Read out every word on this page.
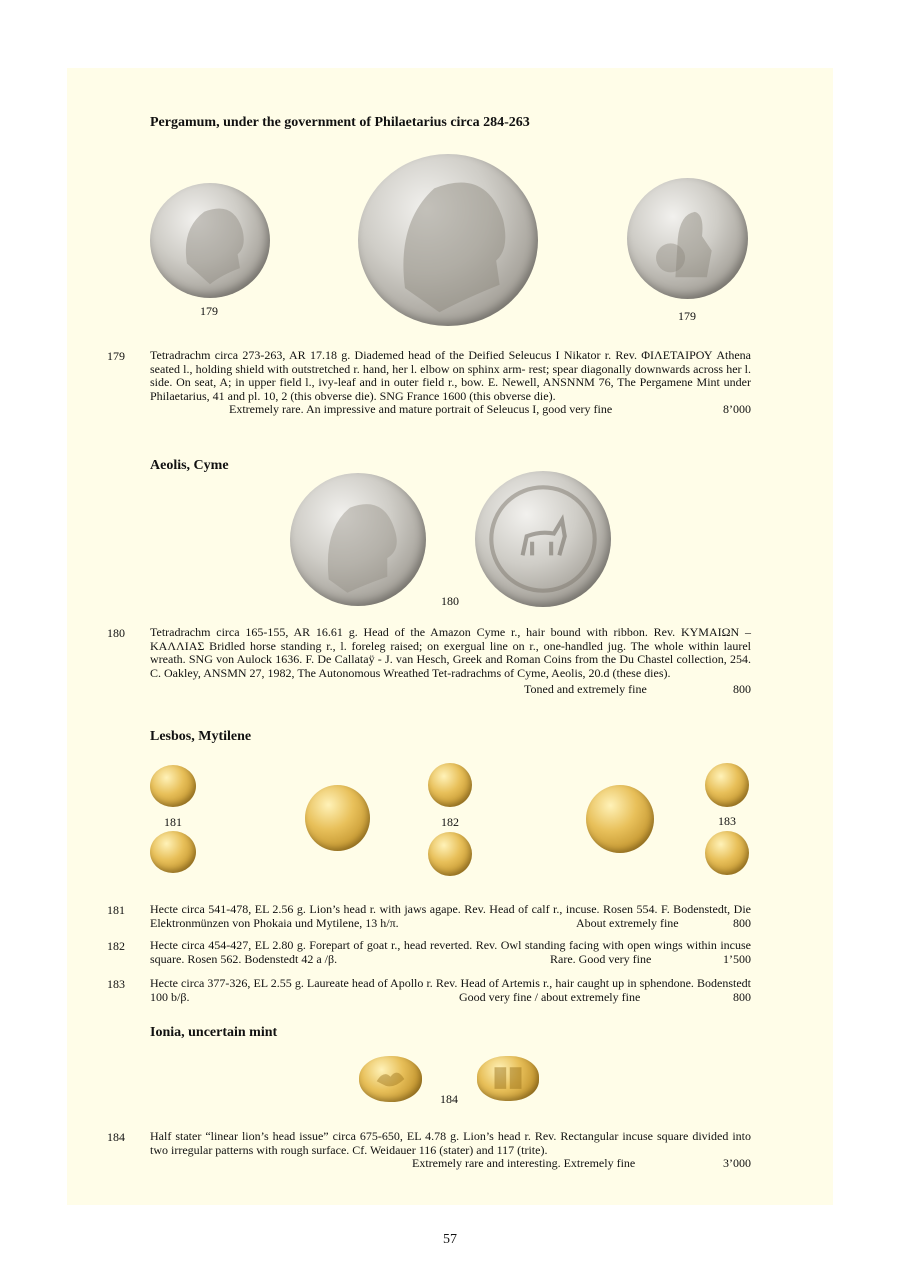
Pergamum, under the government of Philaetarius circa 284-263
179	179
179 Tetradrachm circa 273-263, AR 17.18 g. Diademed head of the Deified Seleucus I Nikator r. Rev. ΦΙΛΕΤΑΙΡΟΥ Athena seated l., holding shield with outstretched r. hand, her l. elbow on sphinx arm- rest; spear diagonally downwards across her l. side. On seat, A; in upper field l., ivy-leaf and in outer field r., bow. E. Newell, ANSNNM 76, The Pergamene Mint under Philaetarius, 41 and pl. 10, 2 (this obverse die). SNG France 1600 (this obverse die).

Extremely rare. An impressive and mature portrait of Seleucus I, good very fine	8’000
Aeolis, Cyme
180
180 Tetradrachm circa 165-155, AR 16.61 g. Head of the Amazon Cyme r., hair bound with ribbon. Rev. ΚΥΜΑΙΩΝ – ΚΑΛΛΙΑΣ Bridled horse standing r., l. foreleg raised; on exergual line on r., one-handled jug. The whole within laurel wreath. SNG von Aulock 1636. F. De Callataÿ - J. van Hesch, Greek and Roman Coins from the Du Chastel collection, 254. C. Oakley, ANSMN 27, 1982, The Autonomous Wreathed Tet-radrachms of Cyme, Aeolis, 20.d (these dies).

Toned and extremely fine	800
Lesbos, Mytilene
181	182	183
181 Hecte circa 541-478, EL 2.56 g. Lion’s head r. with jaws agape. Rev. Head of calf r., incuse. Rosen 554. F. Bodenstedt, Die Elektronmünzen von Phokaia und Mytilene, 13 h/π.	About extremely fine	800
182 Hecte circa 454-427, EL 2.80 g. Forepart of goat r., head reverted. Rev. Owl standing facing with open wings within incuse square. Rosen 562. Bodenstedt 42 a /β.	Rare. Good very fine	1’500
183 Hecte circa 377-326, EL 2.55 g. Laureate head of Apollo r. Rev. Head of Artemis r., hair caught up in sphendone. Bodenstedt 100 b/β.	Good very fine / about extremely fine	800
Ionia, uncertain mint
184
184 Half stater “linear lion’s head issue” circa 675-650, EL 4.78 g. Lion’s head r. Rev. Rectangular incuse square divided into two irregular patterns with rough surface. Cf. Weidauer 116 (stater) and 117 (trite).

Extremely rare and interesting. Extremely fine	3’000
57
